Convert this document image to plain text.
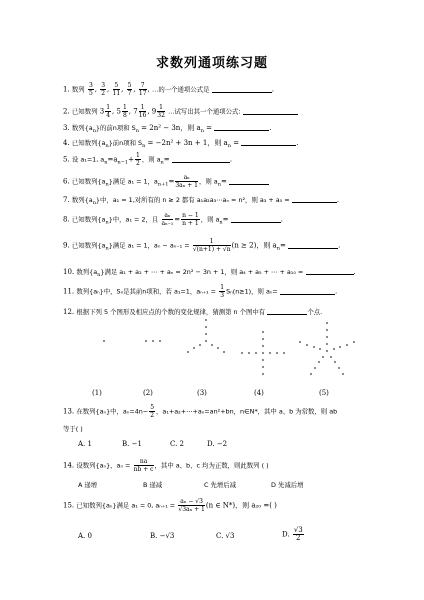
求数列通项练习题
1. 数列 $\frac{3}{5}$ , $\frac{3}{2}$ , $\frac{5}{11}$ , $\frac{5}{7}$ , $\frac{7}{17}$ , …的一个通项公式是	.
2. 已知数列 $3 \frac{1}{4}$ , $5 \frac{1}{8}$ , $7 \frac{1}{16}$ , $9 \frac{1}{32}$ …试写出其一个通项公式:
3. 数列$\{a_n\}$的前n项和 $S_n = 2n^2 - 3n$，则 $a_n$ =	.
4. 已知数列$\{a_n\}$前n项和 $S_n = -2n^2 + 3n + 1$，则 $a_n$ =	.
5. 设 a₁=1, $a_n=a_{n-1}+ \frac{1}{2}$ ，则 $a_n=$	.
6. 已知数列$\{a_n\}$满足 a₁ = 1，$a_{n+1}= \frac{\text{aₙ}}{\text{3aₙ + 1}}$ ，则 $a_n=$
7. 数列$\{a_n\}$中，a₁ = 1,对所有的 n ≥ 2 都有 a₁a₂a₃⋯aₙ = n²，则 a₃ + a₅ =	.
8. 已知数列$\{a_n\}$中，a₁ = 2，且 $\frac{\text{aₙ}}{\text{aₙ₋₁}} = \frac{n - 1}{n + 1}$ ，则 $a_n=$	.
9. 已知数列$\{a_n\}$满足 a₁ = 1，$a_n - a_{n-1} = \frac{1}{√(n+1) + √n} (n \ge 2)$，则 $a_n=$	.
10. 数列$\{a_n\}$满足 a₁ + a₂ + ⋯ + aₙ = 2n² − 3n + 1，则 a₄ + a₅ + ⋯ + a₁₀ =	.
11. 数列{aₙ}中，Sₙ是其前n项和，若 a₁=1，$a_{n+1} = \frac{1}{3} S_n(n\ge 1)$，则 aₙ=	.
12. 根据下列 5 个图形及相应点的个数的变化规律，猜测第 n 个图中有	个点.
(1)	(2)	(3)	(4)	(5)
13. 在数列{aₙ}中，$a_n=4n- \frac{5}{2}$ ，a₁+a₂+⋯+aₙ=an²+bn，n∈N*，其中 a、b 为常数，则 ab
等于( )
A. 1	B. −1	C. 2	D. −2
14. 设数列{aₙ}，$a_n = \frac{na}{nb + c}$ ，其中 a、b、c 均为正数，则此数列 ( )
A 递增	B 递减	C 先增后减	D 先减后增
15. 已知数列{aₙ}满足 a₁ = 0, $a_{n+1} = \frac{\text{aₙ − √3}}{\text{√3aₙ + 1}} (n$ ∈ N*)，则 a₂₀ =( )
A. 0	B. −√3	C. √3	D. $\frac{√3}{2}$
